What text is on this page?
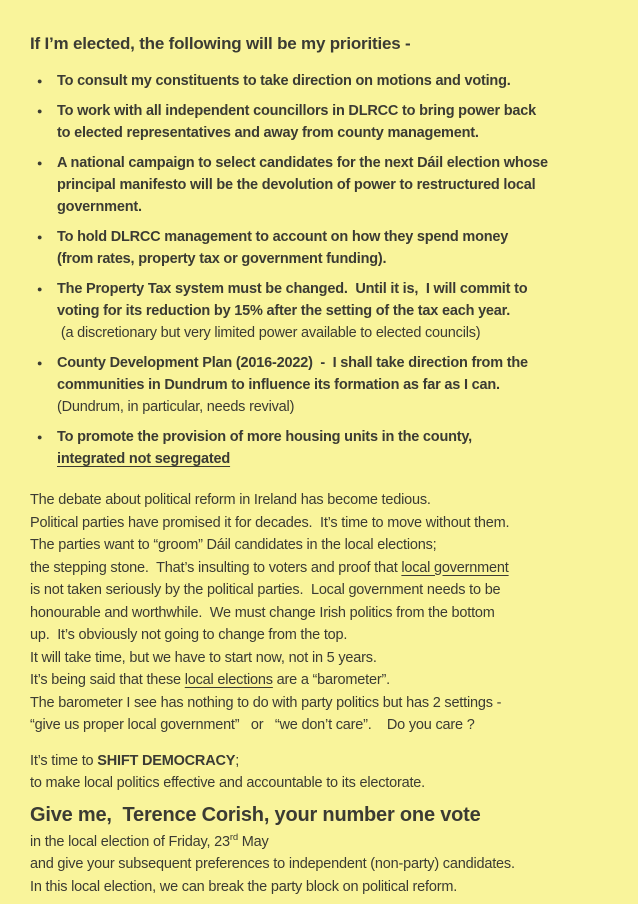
If I’m elected, the following will be my priorities -
●	To consult my constituents to take direction on motions and voting.
●	To work with all independent councillors in DLRCC to bring power back
to elected representatives and away from county management.
●	A national campaign to select candidates for the next Dáil election whose
principal manifesto will be the devolution of power to restructured local
government.
●	To hold DLRCC management to account on how they spend money
(from rates, property tax or government funding).
●	The Property Tax system must be changed.  Until it is,  I will commit to
voting for its reduction by 15% after the setting of the tax each year.
(a discretionary but very limited power available to elected councils)
●	County Development Plan (2016-2022)  -  I shall take direction from the
communities in Dundrum to influence its formation as far as I can.
(Dundrum, in particular, needs revival)
●	To promote the provision of more housing units in the county,
integrated not segregated
The debate about political reform in Ireland has become tedious.
Political parties have promised it for decades.  It’s time to move without them.
The parties want to “groom” Dáil candidates in the local elections;
the stepping stone.  That’s insulting to voters and proof that local government
is not taken seriously by the political parties.  Local government needs to be
honourable and worthwhile.  We must change Irish politics from the bottom
up.  It’s obviously not going to change from the top.
It will take time, but we have to start now, not in 5 years.
It’s being said that these local elections are a “barometer”.
The barometer I see has nothing to do with party politics but has 2 settings -
“give us proper local government”   or   “we don’t care”.    Do you care ?
It’s time to SHIFT DEMOCRACY;
to make local politics effective and accountable to its electorate.
Give me,  Terence Corish, your number one vote
in the local election of Friday, 23rd May
and give your subsequent preferences to independent (non-party) candidates.
In this local election, we can break the party block on political reform.
